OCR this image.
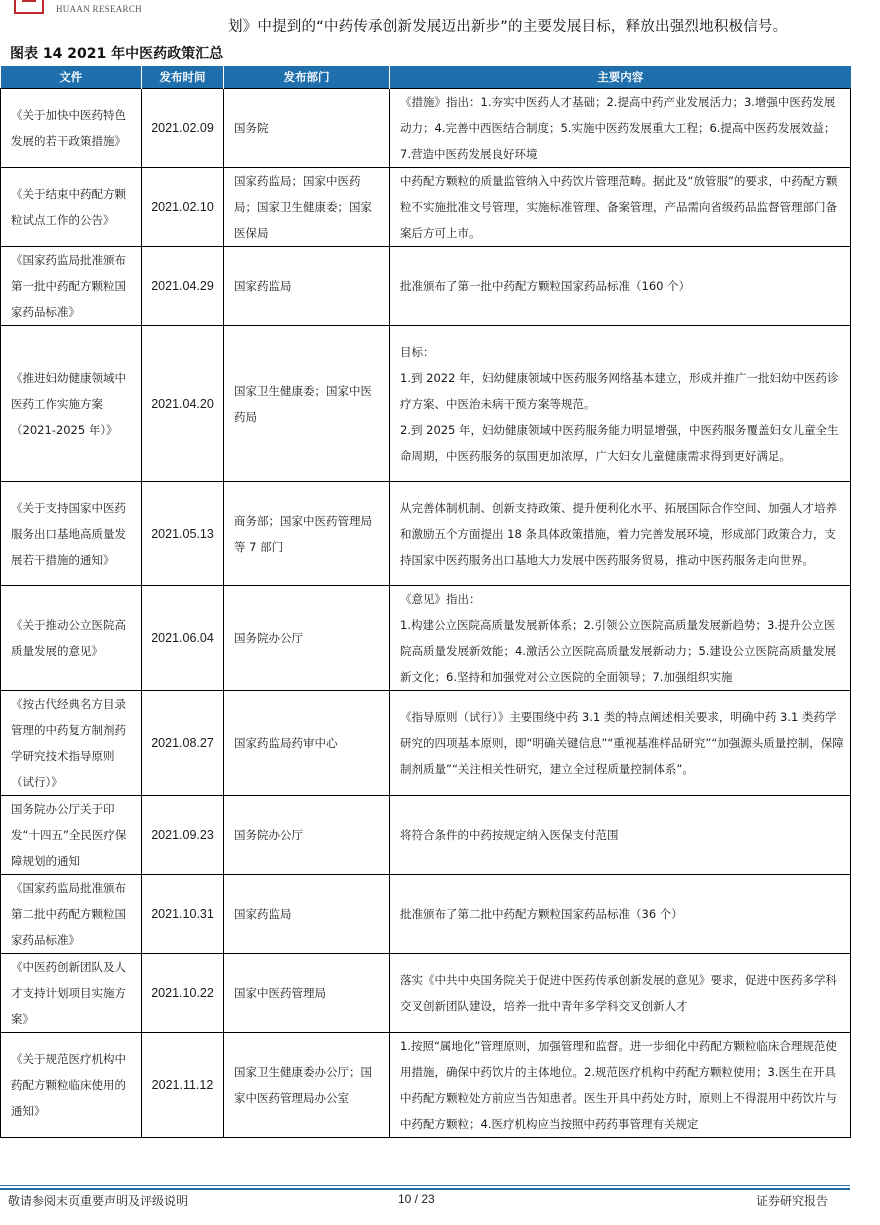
HUAAN RESEARCH
划》中提到的“中药传承创新发展迈出新步”的主要发展目标，释放出强烈地积极信号。
图表 14 2021 年中医药政策汇总
文件	发布时间	发布部门	主要内容
《关于加快中医药特色发展的若干政策措施》	2021.02.09	国务院	《措施》指出：1.夯实中医药人才基础；2.提高中药产业发展活力；3.增强中医药发展动力；4.完善中西医结合制度；5.实施中医药发展重大工程；6.提高中医药发展效益；7.营造中医药发展良好环境
《关于结束中药配方颗粒试点工作的公告》	2021.02.10	国家药监局；国家中医药局；国家卫生健康委；国家医保局	中药配方颗粒的质量监管纳入中药饮片管理范畴。据此及“放管服”的要求，中药配方颗粒不实施批准文号管理，实施标准管理、备案管理，产品需向省级药品监督管理部门备案后方可上市。
《国家药监局批准颁布第一批中药配方颗粒国家药品标准》	2021.04.29	国家药监局	批准颁布了第一批中药配方颗粒国家药品标准（160 个）
《推进妇幼健康领域中医药工作实施方案（2021-2025 年）》	2021.04.20	国家卫生健康委；国家中医药局	目标：
1.到 2022 年，妇幼健康领域中医药服务网络基本建立，形成并推广一批妇幼中医药诊疗方案、中医治未病干预方案等规范。
2.到 2025 年，妇幼健康领域中医药服务能力明显增强，中医药服务覆盖妇女儿童全生命周期，中医药服务的氛围更加浓厚，广大妇女儿童健康需求得到更好满足。
《关于支持国家中医药服务出口基地高质量发展若干措施的通知》	2021.05.13	商务部；国家中医药管理局等 7 部门	从完善体制机制、创新支持政策、提升便利化水平、拓展国际合作空间、加强人才培养和激励五个方面提出 18 条具体政策措施，着力完善发展环境，形成部门政策合力，支持国家中医药服务出口基地大力发展中医药服务贸易，推动中医药服务走向世界。
《关于推动公立医院高质量发展的意见》	2021.06.04	国务院办公厅	《意见》指出：
1.构建公立医院高质量发展新体系；2.引领公立医院高质量发展新趋势；3.提升公立医院高质量发展新效能；4.激活公立医院高质量发展新动力；5.建设公立医院高质量发展新文化；6.坚持和加强党对公立医院的全面领导；7.加强组织实施
《按古代经典名方目录管理的中药复方制剂药学研究技术指导原则（试行）》	2021.08.27	国家药监局药审中心	《指导原则（试行）》主要围绕中药 3.1 类的特点阐述相关要求，明确中药 3.1 类药学研究的四项基本原则，即“明确关键信息”“重视基准样品研究”“加强源头质量控制，保障制剂质量”“关注相关性研究，建立全过程质量控制体系”。
国务院办公厅关于印发“十四五”全民医疗保障规划的通知	2021.09.23	国务院办公厅	将符合条件的中药按规定纳入医保支付范围
《国家药监局批准颁布第二批中药配方颗粒国家药品标准》	2021.10.31	国家药监局	批准颁布了第二批中药配方颗粒国家药品标准（36 个）
《中医药创新团队及人才支持计划项目实施方案》	2021.10.22	国家中医药管理局	落实《中共中央国务院关于促进中医药传承创新发展的意见》要求，促进中医药多学科交叉创新团队建设，培养一批中青年多学科交叉创新人才
《关于规范医疗机构中药配方颗粒临床使用的通知》	2021.11.12	国家卫生健康委办公厅；国家中医药管理局办公室	1.按照“属地化”管理原则，加强管理和监督。进一步细化中药配方颗粒临床合理规范使用措施，确保中药饮片的主体地位。2.规范医疗机构中药配方颗粒使用；3.医生在开具中药配方颗粒处方前应当告知患者。医生开具中药处方时，原则上不得混用中药饮片与中药配方颗粒；4.医疗机构应当按照中药药事管理有关规定
敬请参阅末页重要声明及评级说明	10 / 23	证券研究报告
